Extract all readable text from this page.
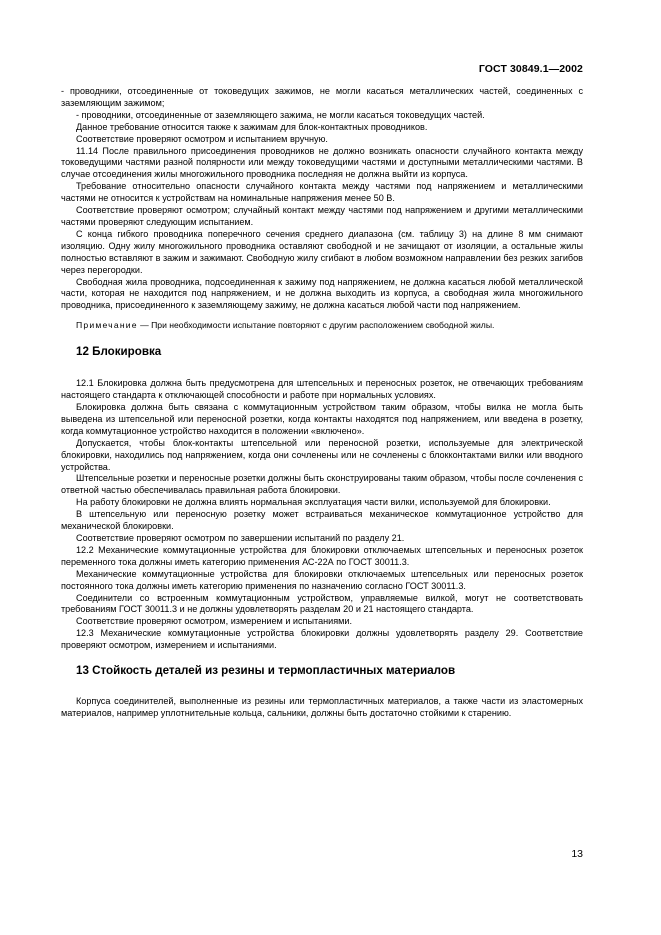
ГОСТ 30849.1—2002

- проводники, отсоединенные от токоведущих зажимов, не могли касаться металлических частей, соединенных с заземляющим зажимом;

- проводники, отсоединенные от заземляющего зажима, не могли касаться токоведущих частей.

Данное требование относится также к зажимам для блок-контактных проводников.

Соответствие проверяют осмотром и испытанием вручную.

11.14 После правильного присоединения проводников не должно возникать опасности случайного контакта между токоведущими частями разной полярности или между токоведущими частями и доступными металлическими частями. В случае отсоединения жилы многожильного проводника последняя не должна выйти из корпуса.

Требование относительно опасности случайного контакта между частями под напряжением и металлическими частями не относится к устройствам на номинальные напряжения менее 50 В.

Соответствие проверяют осмотром; случайный контакт между частями под напряжением и другими металлическими частями проверяют следующим испытанием.

С конца гибкого проводника поперечного сечения среднего диапазона (см. таблицу 3) на длине 8 мм снимают изоляцию. Одну жилу многожильного проводника оставляют свободной и не зачищают от изоляции, а остальные жилы полностью вставляют в зажим и зажимают. Свободную жилу сгибают в любом возможном направлении без резких загибов через перегородки.

Свободная жила проводника, подсоединенная к зажиму под напряжением, не должна касаться любой металлической части, которая не находится под напряжением, и не должна выходить из корпуса, а свободная жила многожильного проводника, присоединенного к заземляющему зажиму, не должна касаться любой части под напряжением.

Примечание — При необходимости испытание повторяют с другим расположением свободной жилы.

12 Блокировка

12.1 Блокировка должна быть предусмотрена для штепсельных и переносных розеток, не отвечающих требованиям настоящего стандарта к отключающей способности и работе при нормальных условиях.

Блокировка должна быть связана с коммутационным устройством таким образом, чтобы вилка не могла быть выведена из штепсельной или переносной розетки, когда контакты находятся под напряжением, или введена в розетку, когда коммутационное устройство находится в положении «включено».

Допускается, чтобы блок-контакты штепсельной или переносной розетки, используемые для электрической блокировки, находились под напряжением, когда они сочленены или не сочленены с блокконтактами вилки или вводного устройства.

Штепсельные розетки и переносные розетки должны быть сконструированы таким образом, чтобы после сочленения с ответной частью обеспечивалась правильная работа блокировки.

На работу блокировки не должна влиять нормальная эксплуатация части вилки, используемой для блокировки.

В штепсельную или переносную розетку может встраиваться механическое коммутационное устройство для механической блокировки.

Соответствие проверяют осмотром по завершении испытаний по разделу 21.

12.2 Механические коммутационные устройства для блокировки отключаемых штепсельных и переносных розеток переменного тока должны иметь категорию применения АС-22А по ГОСТ 30011.3.

Механические коммутационные устройства для блокировки отключаемых штепсельных или переносных розеток постоянного тока должны иметь категорию применения по назначению согласно ГОСТ 30011.3.

Соединители со встроенным коммутационным устройством, управляемые вилкой, могут не соответствовать требованиям ГОСТ 30011.3 и не должны удовлетворять разделам 20 и 21 настоящего стандарта.

Соответствие проверяют осмотром, измерением и испытаниями.

12.3 Механические коммутационные устройства блокировки должны удовлетворять разделу 29. Соответствие проверяют осмотром, измерением и испытаниями.

13 Стойкость деталей из резины и термопластичных материалов

Корпуса соединителей, выполненные из резины или термопластичных материалов, а также части из эластомерных материалов, например уплотнительные кольца, сальники, должны быть достаточно стойкими к старению.

13
